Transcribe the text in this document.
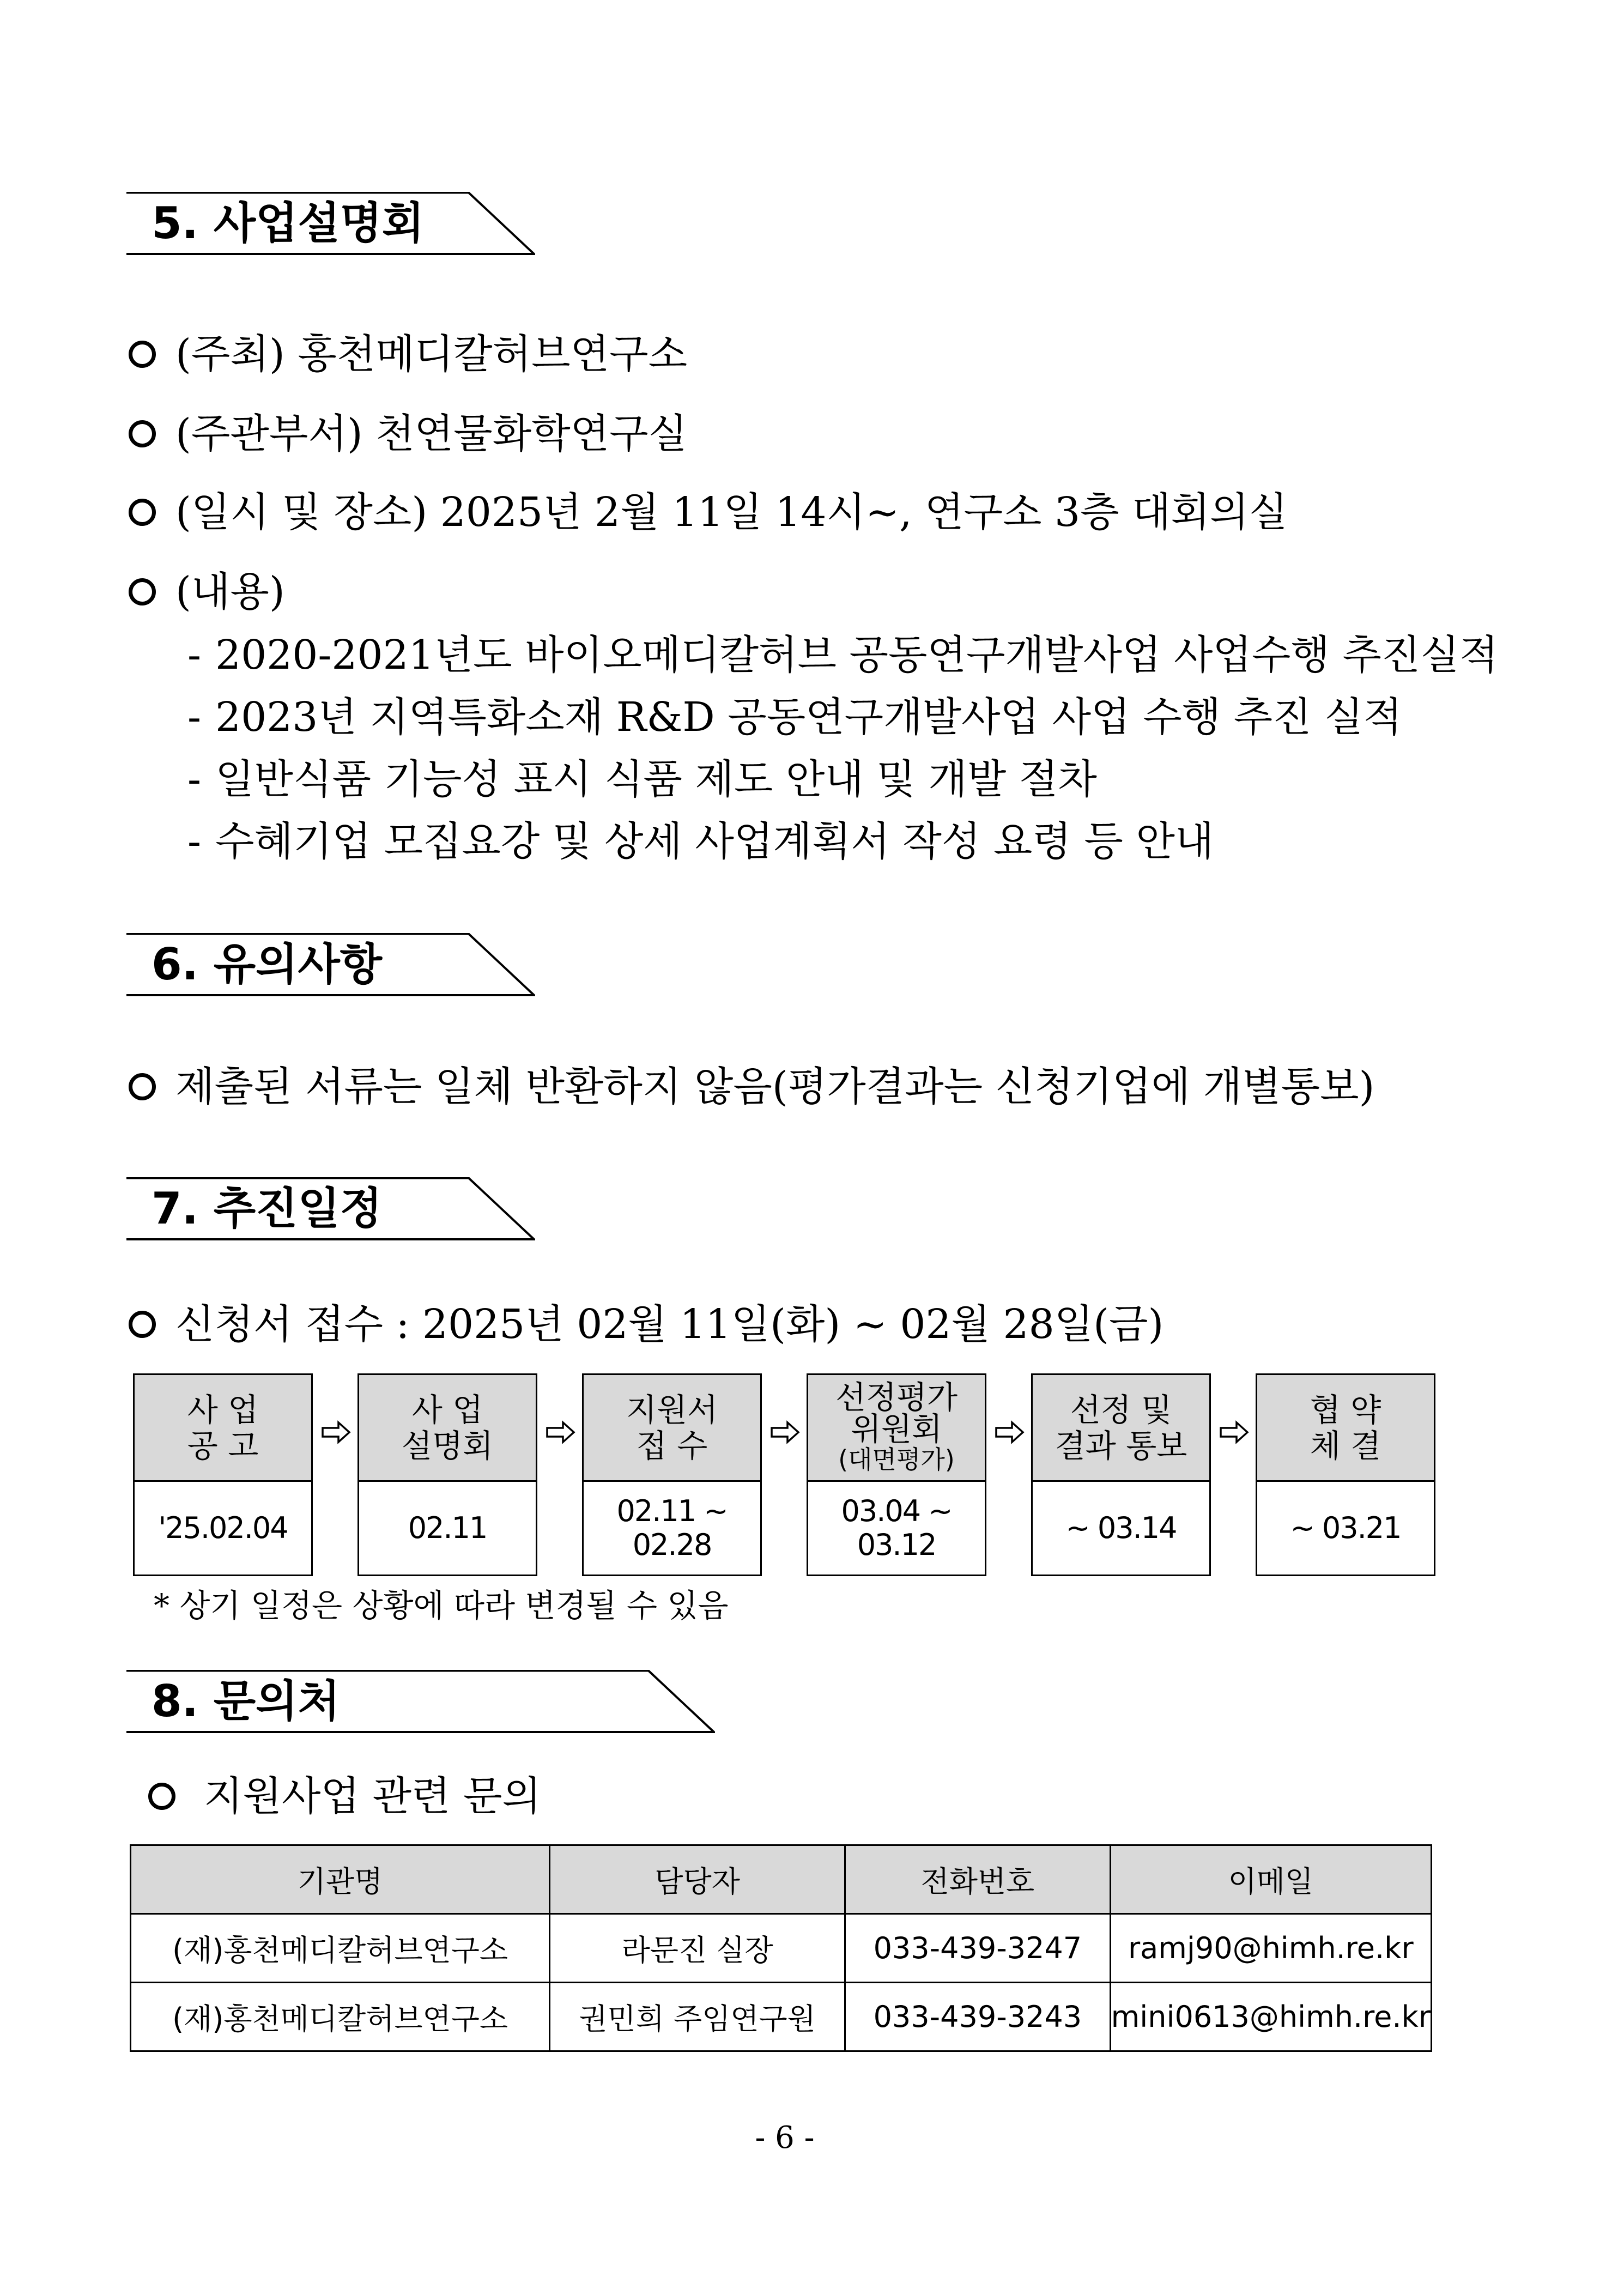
5. 사업설명회
(주최) 홍천메디칼허브연구소
(주관부서) 천연물화학연구실
(일시 및 장소) 2025년 2월 11일 14시~, 연구소 3층 대회의실
(내용)
- 2020-2021년도 바이오메디칼허브 공동연구개발사업 사업수행 추진실적
- 2023년 지역특화소재 R&D 공동연구개발사업 사업 수행 추진 실적
- 일반식품 기능성 표시 식품 제도 안내 및 개발 절차
- 수혜기업 모집요강 및 상세 사업계획서 작성 요령 등 안내
6. 유의사항
제출된 서류는 일체 반환하지 않음(평가결과는 신청기업에 개별통보)
7. 추진일정
신청서 접수 : 2025년 02월 11일(화) ~ 02월 28일(금)
사 업
공 고
'25.02.04
사 업
설명회
02.11
지원서
접 수
02.11 ~
02.28
선정평가
위원회
(대면평가)
03.04 ~
03.12
선정 및
결과 통보
~ 03.14
협 약
체 결
~ 03.21
* 상기 일정은 상황에 따라 변경될 수 있음
8. 문의처
지원사업 관련 문의
기관명	담당자	전화번호	이메일
(재)홍천메디칼허브연구소	라문진 실장	033-439-3247	ramj90@himh.re.kr
(재)홍천메디칼허브연구소	권민희 주임연구원	033-439-3243	mini0613@himh.re.kr
- 6 -
